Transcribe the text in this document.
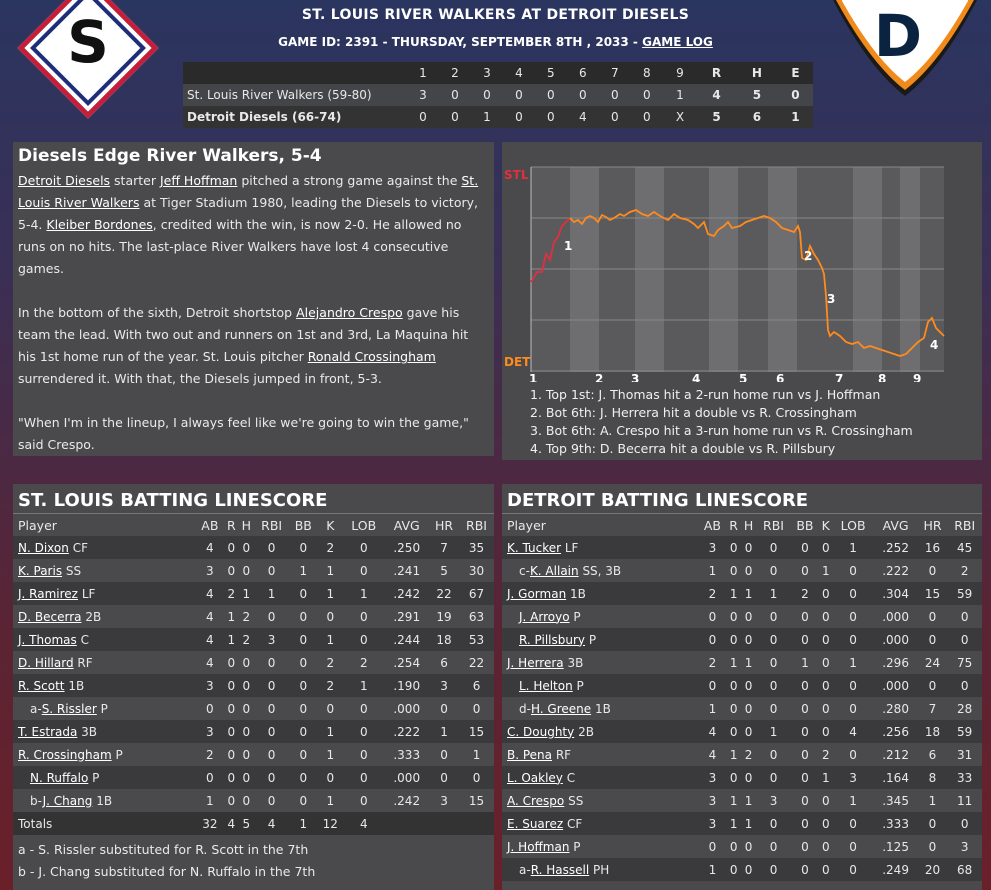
S	D
ST. LOUIS RIVER WALKERS AT DETROIT DIESELS
GAME ID: 2391 - THURSDAY, SEPTEMBER 8TH , 2033 - GAME LOG
	1	2	3	4	5	6	7	8	9	R	H	E
St. Louis River Walkers (59-80)	3	0	0	0	0	0	0	0	1	4	5	0
Detroit Diesels (66-74)	0	0	1	0	0	4	0	0	X	5	6	1
Diesels Edge River Walkers, 5-4

Detroit Diesels starter Jeff Hoffman pitched a strong game against the St. Louis River Walkers at Tiger Stadium 1980, leading the Diesels to victory, 5-4. Kleiber Bordones, credited with the win, is now 2-0. He allowed no runs on no hits. The last-place River Walkers have lost 4 consecutive games.

In the bottom of the sixth, Detroit shortstop Alejandro Crespo gave his team the lead. With two out and runners on 1st and 3rd, La Maquina hit his 1st home run of the year. St. Louis pitcher Ronald Crossingham surrendered it. With that, the Diesels jumped in front, 5-3.

"When I'm in the lineup, I always feel like we're going to win the game," said Crespo.

STL
DET
1
2
3
4
1	2 3	4	5 6	7	8 9
1. Top 1st: J. Thomas hit a 2-run home run vs J. Hoffman
2. Bot 6th: J. Herrera hit a double vs R. Crossingham
3. Bot 6th: A. Crespo hit a 3-run home run vs R. Crossingham
4. Top 9th: D. Becerra hit a double vs R. Pillsbury
ST. LOUIS BATTING LINESCORE
Player	AB	R	H	RBI	BB	K	LOB	AVG	HR	RBI
N. Dixon CF	4	0	0	0	0	2	0	.250	7	35
K. Paris SS	3	0	0	0	1	1	0	.241	5	30
J. Ramirez LF	4	2	1	1	0	1	1	.242	22	67
D. Becerra 2B	4	1	2	0	0	0	0	.291	19	63
J. Thomas C	4	1	2	3	0	1	0	.244	18	53
D. Hillard RF	4	0	0	0	0	2	2	.254	6	22
R. Scott 1B	3	0	0	0	0	2	1	.190	3	6
a-S. Rissler P	0	0	0	0	0	0	0	.000	0	0
T. Estrada 3B	3	0	0	0	0	1	0	.222	1	15
R. Crossingham P	2	0	0	0	0	1	0	.333	0	1
N. Ruffalo P	0	0	0	0	0	0	0	.000	0	0
b-J. Chang 1B	1	0	0	0	0	1	0	.242	3	15
Totals	32	4	5	4	1	12	4			
a - S. Rissler substituted for R. Scott in the 7th
b - J. Chang substituted for N. Ruffalo in the 7th
DETROIT BATTING LINESCORE
Player	AB	R	H	RBI	BB	K	LOB	AVG	HR	RBI
K. Tucker LF	3	0	0	0	0	0	1	.252	16	45
c-K. Allain SS, 3B	1	0	0	0	0	1	0	.222	0	2
J. Gorman 1B	2	1	1	1	2	0	0	.304	15	59
J. Arroyo P	0	0	0	0	0	0	0	.000	0	0
R. Pillsbury P	0	0	0	0	0	0	0	.000	0	0
J. Herrera 3B	2	1	1	0	1	0	1	.296	24	75
L. Helton P	0	0	0	0	0	0	0	.000	0	0
d-H. Greene 1B	1	0	0	0	0	0	0	.280	7	28
C. Doughty 2B	4	0	0	1	0	0	4	.256	18	59
B. Pena RF	4	1	2	0	0	2	0	.212	6	31
L. Oakley C	3	0	0	0	0	1	3	.164	8	33
A. Crespo SS	3	1	1	3	0	0	1	.345	1	11
E. Suarez CF	3	1	1	0	0	0	0	.333	0	0
J. Hoffman P	0	0	0	0	0	0	0	.125	0	3
a-R. Hassell PH	1	0	0	0	0	0	0	.249	20	68
